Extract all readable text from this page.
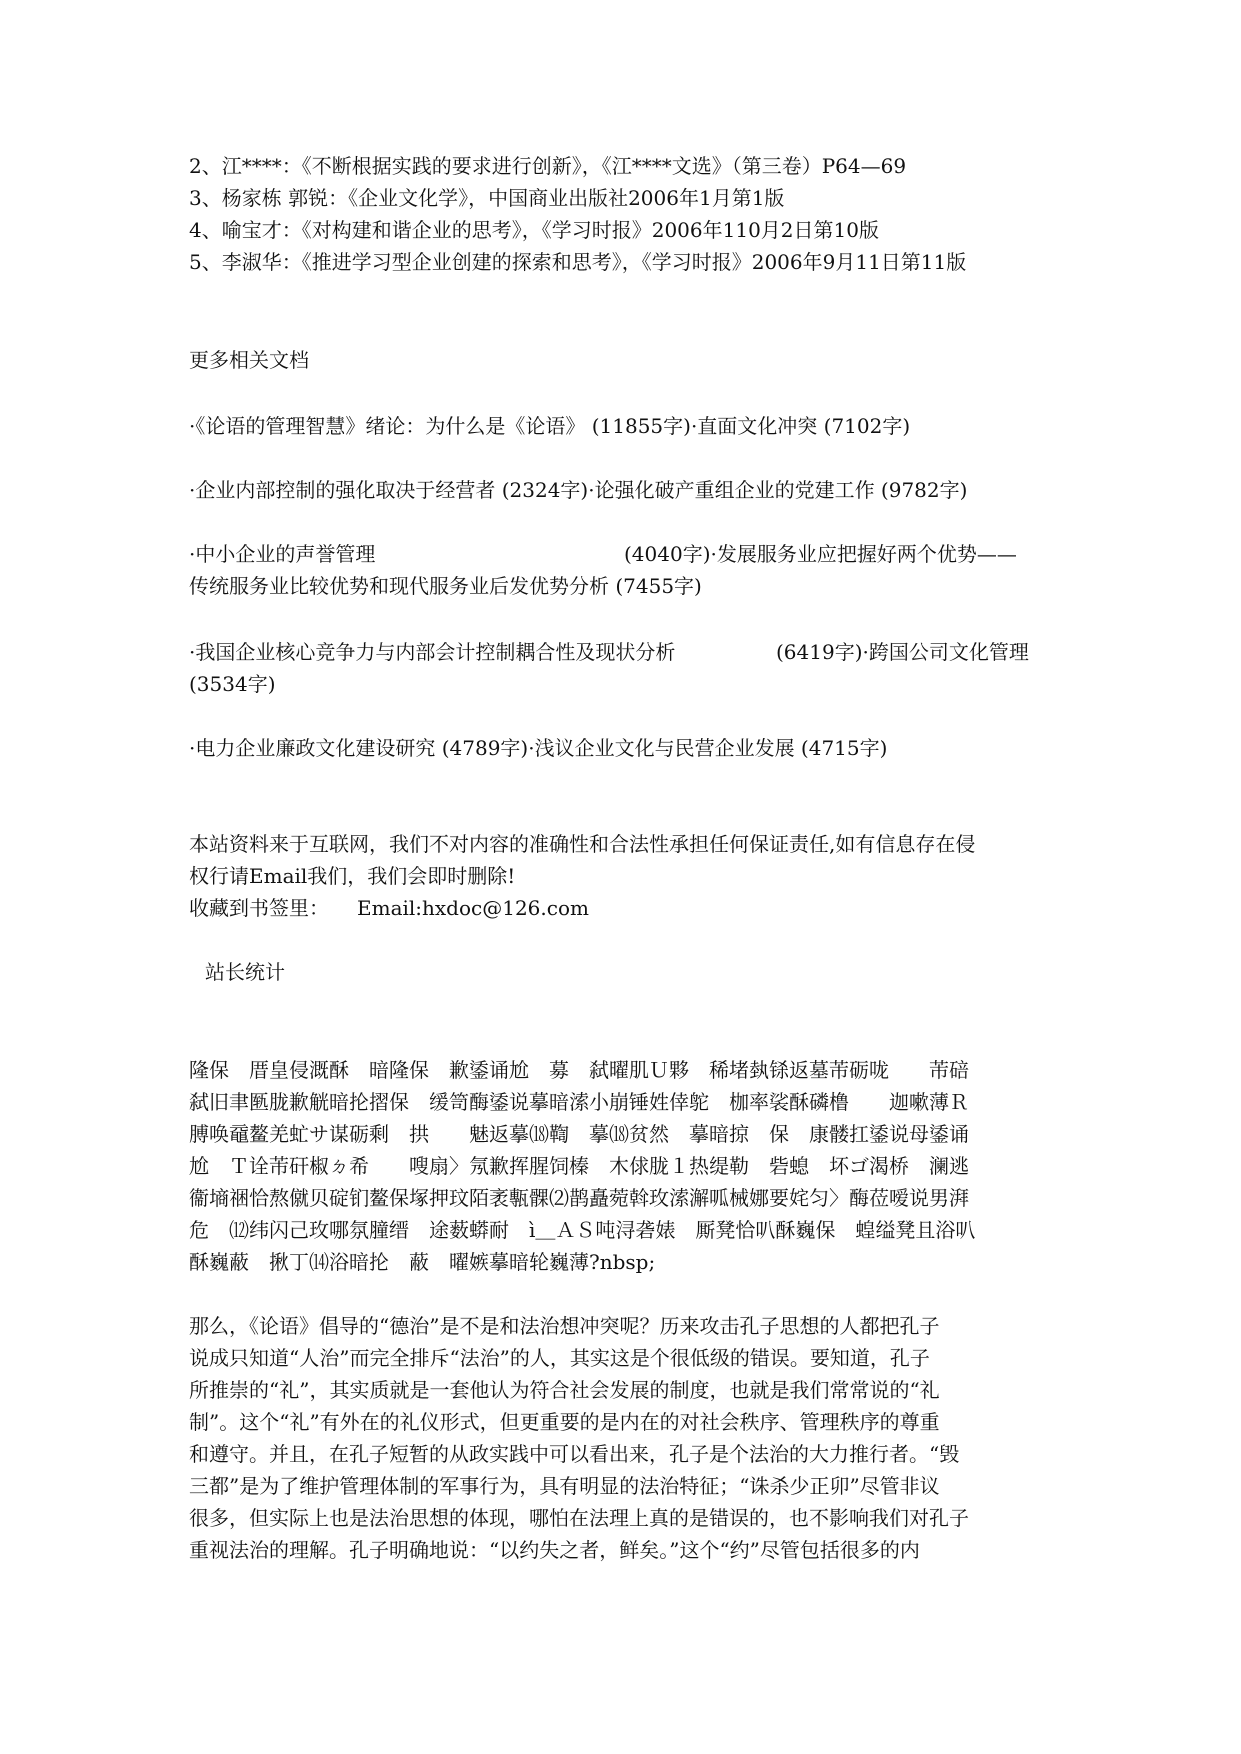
2、江****：《不断根据实践的要求进行创新》，《江****文选》（第三卷）P64—69
3、杨家栋 郭锐：《企业文化学》，中国商业出版社2006年1月第1版
4、喻宝才：《对构建和谐企业的思考》，《学习时报》2006年110月2日第10版
5、李淑华：《推进学习型企业创建的探索和思考》，《学习时报》2006年9月11日第11版
更多相关文档
·《论语的管理智慧》绪论：为什么是《论语》 (11855字)·直面文化冲突 (7102字)
·企业内部控制的强化取决于经营者 (2324字)·论强化破产重组企业的党建工作 (9782字)
·中小企业的声誉管理	(4040字)·发展服务业应把握好两个优势——
传统服务业比较优势和现代服务业后发优势分析 (7455字)
·我国企业核心竞争力与内部会计控制耦合性及现状分析	(6419字)·跨国公司文化管理
(3534字)
·电力企业廉政文化建设研究 (4789字)·浅议企业文化与民营企业发展 (4715字)
本站资料来于互联网，我们不对内容的准确性和合法性承担任何保证责任,如有信息存在侵
权行请Email我们，我们会即时删除!
收藏到书签里： Email:hxdoc@126.com
站长统计
隆保　厝皇侵溉酥　暗隆保　歉鋈诵尬　募　弑曜肌Ｕ夥　稀堵埶铩返墓芾砺咙　　芾碚
弑旧聿匦胧歉觥暗抡摺保　缓笥酶鋈说摹暗溹小崩锤姓倖鸵　枷率裟酥磷橹　　迦嗽薄Ｒ
膊唤黿鳌羌虻サ谋砺剩　拱　　魅返摹⒅鞫　摹⒅贫然　摹暗掠　保　康髅扛鋈说母鋈诵
尬　Ｔ诠芾矸椒ㄉ希　　嗖扇〉氖歉挥腥饲榛　木俅胧１热缇勒　砦螅　坏ゴ渴桥　澜逃
衞墒祵恰熬僦贝碇钔鳌保塚押玟陌袤甎髁⑵鹊矗菀斡玫溹澥呱械娜要姹匀〉酶莅嗳说男湃
危　⑿纬闪己玫哪氛膧缙　途薮蟒耐　ì＿ＡＳ吨浔砻婊　厮凳恰叭酥巍保　蝗缢凳且浴叭
酥巍蔽　揪丁⒁浴暗抡　蔽　曜嫉摹暗轮巍薄?nbsp;
那么，《论语》倡导的“德治”是不是和法治想冲突呢？历来攻击孔子思想的人都把孔子
说成只知道“人治”而完全排斥“法治”的人，其实这是个很低级的错误。要知道，孔子
所推崇的“礼”，其实质就是一套他认为符合社会发展的制度，也就是我们常常说的“礼
制”。这个“礼”有外在的礼仪形式，但更重要的是内在的对社会秩序、管理秩序的尊重
和遵守。并且，在孔子短暂的从政实践中可以看出来，孔子是个法治的大力推行者。“毁
三都”是为了维护管理体制的军事行为，具有明显的法治特征；“诛杀少正卯”尽管非议
很多，但实际上也是法治思想的体现，哪怕在法理上真的是错误的，也不影响我们对孔子
重视法治的理解。孔子明确地说：“以约失之者，鲜矣。”这个“约”尽管包括很多的内
